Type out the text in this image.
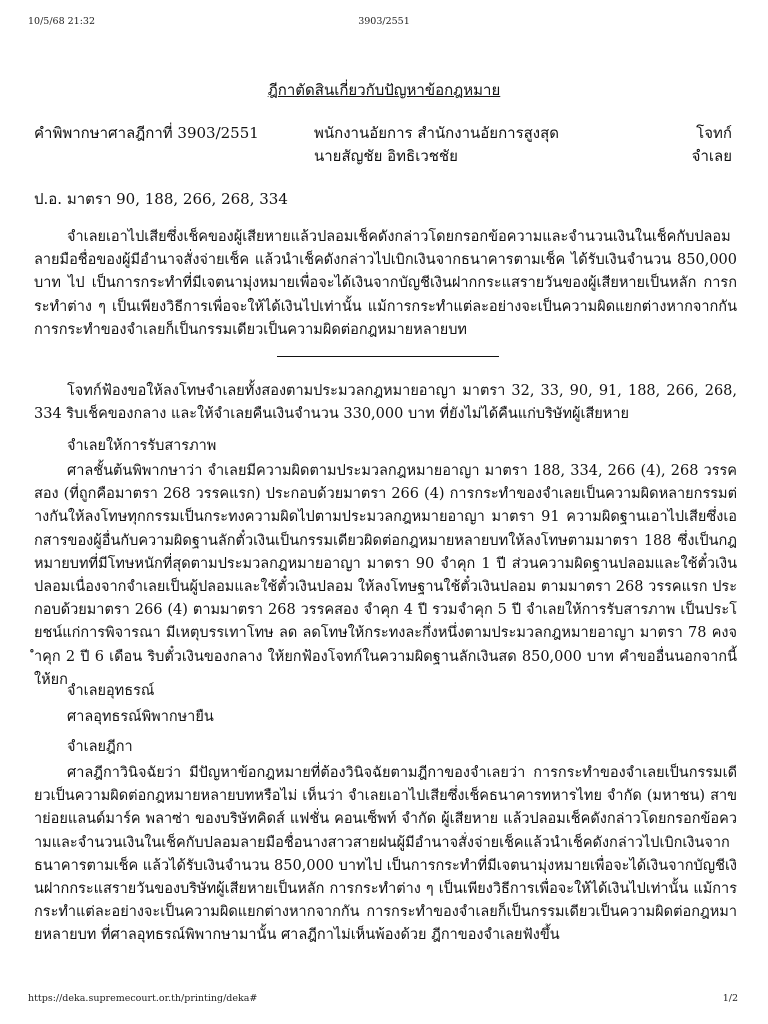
10/5/68 21:32	3903/2551
ฎีกาตัดสินเกี่ยวกับปัญหาข้อกฎหมาย
คำพิพากษาศาลฎีกาที่ 3903/2551	พนักงานอัยการ สำนักงานอัยการสูงสุด	โจทก์
นายสัญชัย อิทธิเวชชัย	จำเลย
ป.อ. มาตรา 90, 188, 266, 268, 334
จำเลยเอาไปเสียซึ่งเช็คของผู้เสียหายแล้วปลอมเช็คดังกล่าวโดยกรอกข้อความและจำนวนเงินในเช็คกับปลอมลายมือชื่อของผู้มีอำนาจสั่งจ่ายเช็ค แล้วนำเช็คดังกล่าวไปเบิกเงินจากธนาคารตามเช็ค ได้รับเงินจำนวน 850,000 บาท ไป เป็นการกระทำที่มีเจตนามุ่งหมายเพื่อจะได้เงินจากบัญชีเงินฝากกระแสรายวันของผู้เสียหายเป็นหลัก การกระทำต่าง ๆ เป็นเพียงวิธีการเพื่อจะให้ได้เงินไปเท่านั้น แม้การกระทำแต่ละอย่างจะเป็นความผิดแยกต่างหากจากกัน การกระทำของจำเลยก็เป็นกรรมเดียวเป็นความผิดต่อกฎหมายหลายบท
โจทก์ฟ้องขอให้ลงโทษจำเลยทั้งสองตามประมวลกฎหมายอาญา มาตรา 32, 33, 90, 91, 188, 266, 268, 334 ริบเช็คของกลาง และให้จำเลยคืนเงินจำนวน 330,000 บาท ที่ยังไม่ได้คืนแก่บริษัทผู้เสียหาย
จำเลยให้การรับสารภาพ
ศาลชั้นต้นพิพากษาว่า จำเลยมีความผิดตามประมวลกฎหมายอาญา มาตรา 188, 334, 266 (4), 268 วรรคสอง (ที่ถูกคือมาตรา 268 วรรคแรก) ประกอบด้วยมาตรา 266 (4) การกระทำของจำเลยเป็นความผิดหลายกรรมต่างกันให้ลงโทษทุกกรรมเป็นกระทงความผิดไปตามประมวลกฎหมายอาญา มาตรา 91 ความผิดฐานเอาไปเสียซึ่งเอกสารของผู้อื่นกับความผิดฐานลักตั๋วเงินเป็นกรรมเดียวผิดต่อกฎหมายหลายบทให้ลงโทษตามมาตรา 188 ซึ่งเป็นกฎหมายบทที่มีโทษหนักที่สุดตามประมวลกฎหมายอาญา มาตรา 90 จำคุก 1 ปี ส่วนความผิดฐานปลอมและใช้ตั๋วเงินปลอมเนื่องจากจำเลยเป็นผู้ปลอมและใช้ตั๋วเงินปลอม ให้ลงโทษฐานใช้ตั๋วเงินปลอม ตามมาตรา 268 วรรคแรก ประกอบด้วยมาตรา 266 (4) ตามมาตรา 268 วรรคสอง จำคุก 4 ปี รวมจำคุก 5 ปี จำเลยให้การรับสารภาพ เป็นประโยชน์แก่การพิจารณา มีเหตุบรรเทาโทษ ลด ลดโทษให้กระทงละกึ่งหนึ่งตามประมวลกฎหมายอาญา มาตรา 78 คงจำคุก 2 ปี 6 เดือน ริบตั๋วเงินของกลาง ให้ยกฟ้องโจทก์ในความผิดฐานลักเงินสด 850,000 บาท คำขออื่นนอกจากนี้ให้ยก
จำเลยอุทธรณ์
ศาลอุทธรณ์พิพากษายืน
จำเลยฎีกา
ศาลฎีกาวินิจฉัยว่า มีปัญหาข้อกฎหมายที่ต้องวินิจฉัยตามฎีกาของจำเลยว่า การกระทำของจำเลยเป็นกรรมเดียวเป็นความผิดต่อกฎหมายหลายบทหรือไม่ เห็นว่า จำเลยเอาไปเสียซึ่งเช็คธนาคารทหารไทย จำกัด (มหาชน) สาขาย่อยแลนด์มาร์ค พลาซ่า ของบริษัทคิดส์ แฟชั่น คอนเซ็พท์ จำกัด ผู้เสียหาย แล้วปลอมเช็คดังกล่าวโดยกรอกข้อความและจำนวนเงินในเช็คกับปลอมลายมือชื่อนางสาวสายฝนผู้มีอำนาจสั่งจ่ายเช็คแล้วนำเช็คดังกล่าวไปเบิกเงินจากธนาคารตามเช็ค แล้วได้รับเงินจำนวน 850,000 บาทไป เป็นการกระทำที่มีเจตนามุ่งหมายเพื่อจะได้เงินจากบัญชีเงินฝากกระแสรายวันของบริษัทผู้เสียหายเป็นหลัก การกระทำต่าง ๆ เป็นเพียงวิธีการเพื่อจะให้ได้เงินไปเท่านั้น แม้การกระทำแต่ละอย่างจะเป็นความผิดแยกต่างหากจากกัน การกระทำของจำเลยก็เป็นกรรมเดียวเป็นความผิดต่อกฎหมายหลายบท ที่ศาลอุทธรณ์พิพากษามานั้น ศาลฎีกาไม่เห็นพ้องด้วย ฎีกาของจำเลยฟังขึ้น
https://deka.supremecourt.or.th/printing/deka#	1/2
